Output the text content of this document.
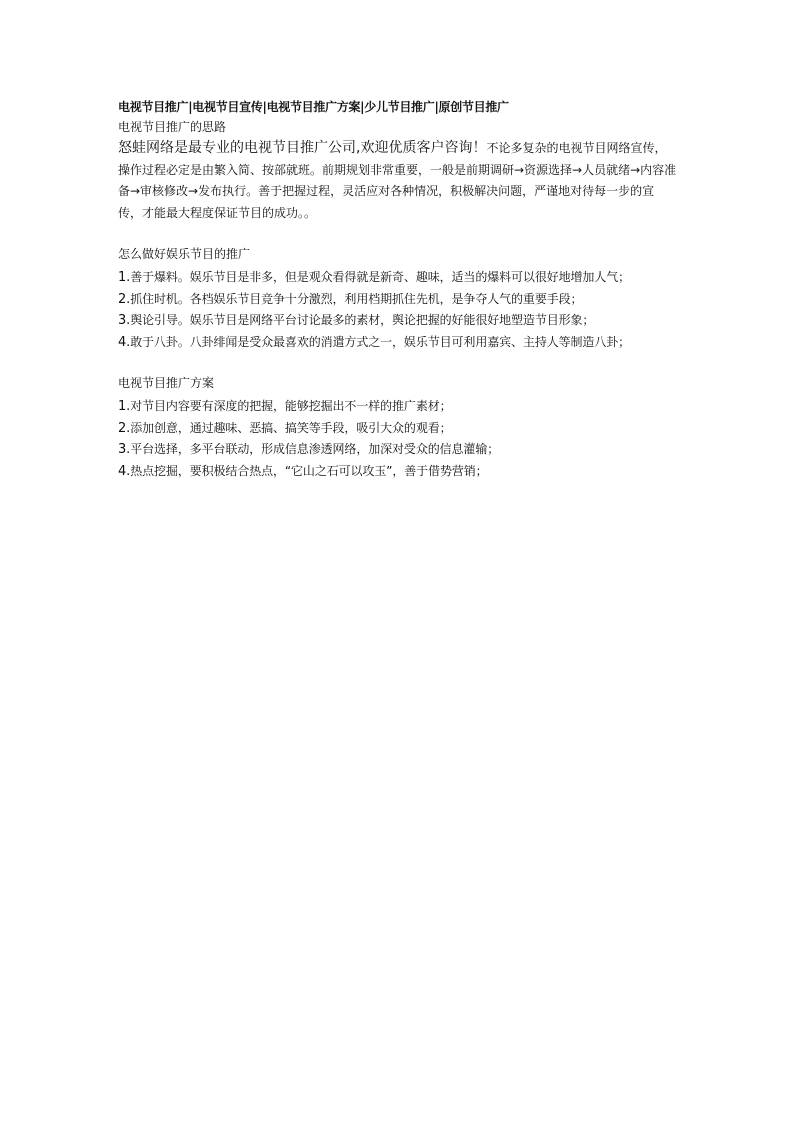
电视节目推广|电视节目宣传|电视节目推广方案|少儿节目推广|原创节目推广
电视节目推广的思路
怒蛙网络是最专业的电视节目推广公司,欢迎优质客户咨询！不论多复杂的电视节目网络宣传，操作过程必定是由繁入简、按部就班。前期规划非常重要，一般是前期调研→资源选择→人员就绪→内容准备→审核修改→发布执行。善于把握过程，灵活应对各种情况，积极解决问题，严谨地对待每一步的宣传，才能最大程度保证节目的成功。。
怎么做好娱乐节目的推广
1.善于爆料。娱乐节目是非多，但是观众看得就是新奇、趣味，适当的爆料可以很好地增加人气；
2.抓住时机。各档娱乐节目竞争十分激烈，利用档期抓住先机，是争夺人气的重要手段；
3.舆论引导。娱乐节目是网络平台讨论最多的素材，舆论把握的好能很好地塑造节目形象；
4.敢于八卦。八卦绯闻是受众最喜欢的消遣方式之一，娱乐节目可利用嘉宾、主持人等制造八卦；
电视节目推广方案
1.对节目内容要有深度的把握，能够挖掘出不一样的推广素材；
2.添加创意，通过趣味、恶搞、搞笑等手段，吸引大众的观看；
3.平台选择，多平台联动，形成信息渗透网络，加深对受众的信息灌输；
4.热点挖掘，要积极结合热点，“它山之石可以攻玉”，善于借势营销；
